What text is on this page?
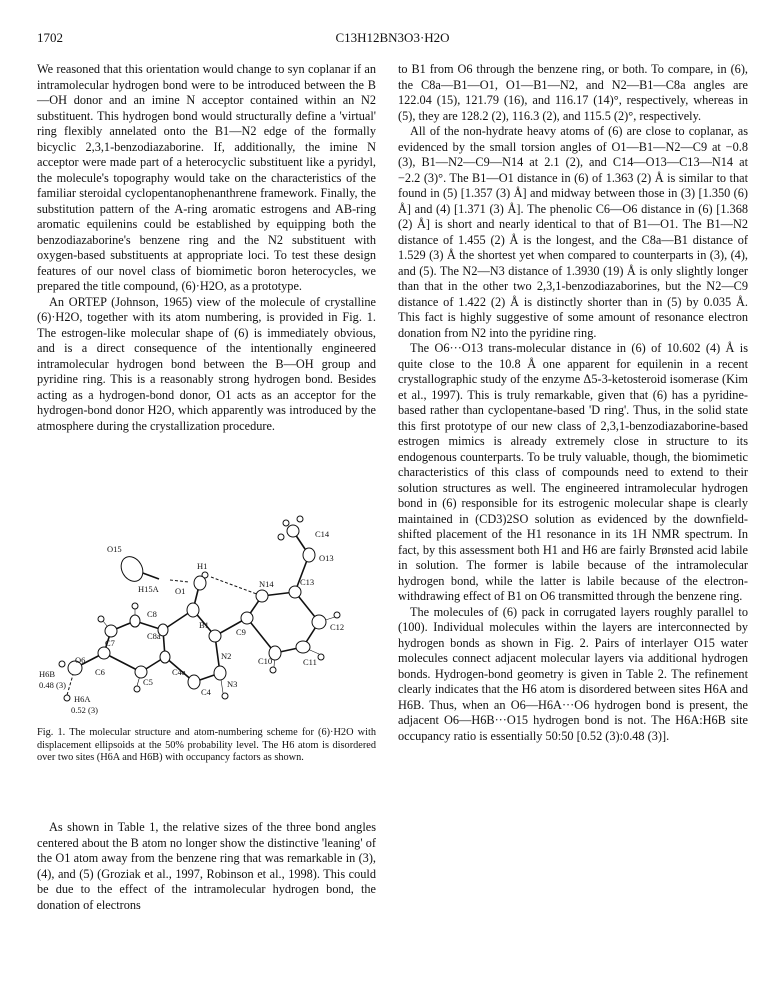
1702	C13H12BN3O3·H2O

We reasoned that this orientation would change to syn coplanar if an intramolecular hydrogen bond were to be introduced between the B—OH donor and an imine N acceptor contained within an N2 substituent. This hydrogen bond would structurally define a 'virtual' ring flexibly annelated onto the B1—N2 edge of the formally bicyclic 2,3,1-benzodiazaborine. If, additionally, the imine N acceptor were made part of a heterocyclic substituent like a pyridyl, the molecule's topography would take on the characteristics of the familiar steroidal cyclopentanophenanthrene framework. Finally, the substitution pattern of the A-ring aromatic estrogens and AB-ring aromatic equilenins could be established by equipping both the benzodiazaborine's benzene ring and the N2 substituent with oxygen-based substituents at appropriate loci. To test these design features of our novel class of biomimetic boron heterocycles, we prepared the title compound, (6)·H2O, as a prototype.

An ORTEP (Johnson, 1965) view of the molecule of crystalline (6)·H2O, together with its atom numbering, is provided in Fig. 1. The estrogen-like molecular shape of (6) is immediately obvious, and is a direct consequence of the intentionally engineered intramolecular hydrogen bond between the B—OH group and pyridine ring. This is a reasonably strong hydrogen bond. Besides acting as a hydrogen-bond donor, O1 acts as an acceptor for the hydrogen-bond donor H2O, which apparently was introduced by the atmosphere during the crystallization procedure.

O15
H15A
H1
O1
C14
O13
N14	C13
C12
C8
C7
C8a
B1
C9
N2	C10	C11
N3
O6
C6
H6B
0.48 (3)
C4a
C5
C4
H6A
0.52 (3)

Fig. 1. The molecular structure and atom-numbering scheme for (6)·H2O with displacement ellipsoids at the 50% probability level. The H6 atom is disordered over two sites (H6A and H6B) with occupancy factors as shown.

As shown in Table 1, the relative sizes of the three bond angles centered about the B atom no longer show the distinctive 'leaning' of the O1 atom away from the benzene ring that was remarkable in (3), (4), and (5) (Groziak et al., 1997, Robinson et al., 1998). This could be due to the effect of the intramolecular hydrogen bond, the donation of electrons

to B1 from O6 through the benzene ring, or both. To compare, in (6), the C8a—B1—O1, O1—B1—N2, and N2—B1—C8a angles are 122.04 (15), 121.79 (16), and 116.17 (14)°, respectively, whereas in (5), they are 128.2 (2), 116.3 (2), and 115.5 (2)°, respectively.

All of the non-hydrate heavy atoms of (6) are close to coplanar, as evidenced by the small torsion angles of O1—B1—N2—C9 at −0.8 (3), B1—N2—C9—N14 at 2.1 (2), and C14—O13—C13—N14 at −2.2 (3)°. The B1—O1 distance in (6) of 1.363 (2) Å is similar to that found in (5) [1.357 (3) Å] and midway between those in (3) [1.350 (6) Å] and (4) [1.371 (3) Å]. The phenolic C6—O6 distance in (6) [1.368 (2) Å] is short and nearly identical to that of B1—O1. The B1—N2 distance of 1.455 (2) Å is the longest, and the C8a—B1 distance of 1.529 (3) Å the shortest yet when compared to counterparts in (3), (4), and (5). The N2—N3 distance of 1.3930 (19) Å is only slightly longer than that in the other two 2,3,1-benzodiazaborines, but the N2—C9 distance of 1.422 (2) Å is distinctly shorter than in (5) by 0.035 Å. This fact is highly suggestive of some amount of resonance electron donation from N2 into the pyridine ring.

The O6···O13 trans-molecular distance in (6) of 10.602 (4) Å is quite close to the 10.8 Å one apparent for equilenin in a recent crystallographic study of the enzyme Δ5-3-ketosteroid isomerase (Kim et al., 1997). This is truly remarkable, given that (6) has a pyridine-based rather than cyclopentane-based 'D ring'. Thus, in the solid state this first prototype of our new class of 2,3,1-benzodiazaborine-based estrogen mimics is already extremely close in structure to its endogenous counterparts. To be truly valuable, though, the biomimetic characteristics of this class of compounds need to extend to their solution structures as well. The engineered intramolecular hydrogen bond in (6) responsible for its estrogenic molecular shape is clearly maintained in (CD3)2SO solution as evidenced by the downfield-shifted placement of the H1 resonance in its 1H NMR spectrum. In fact, by this assessment both H1 and H6 are fairly Brønsted acid labile in solution. The former is labile because of the intramolecular hydrogen bond, while the latter is labile because of the electron-withdrawing effect of B1 on O6 transmitted through the benzene ring.

The molecules of (6) pack in corrugated layers roughly parallel to (100). Individual molecules within the layers are interconnected by hydrogen bonds as shown in Fig. 2. Pairs of interlayer O15 water molecules connect adjacent molecular layers via additional hydrogen bonds. Hydrogen-bond geometry is given in Table 2. The refinement clearly indicates that the H6 atom is disordered between sites H6A and H6B. Thus, when an O6—H6A···O6 hydrogen bond is present, the adjacent O6—H6B···O15 hydrogen bond is not. The H6A:H6B site occupancy ratio is essentially 50:50 [0.52 (3):0.48 (3)].
